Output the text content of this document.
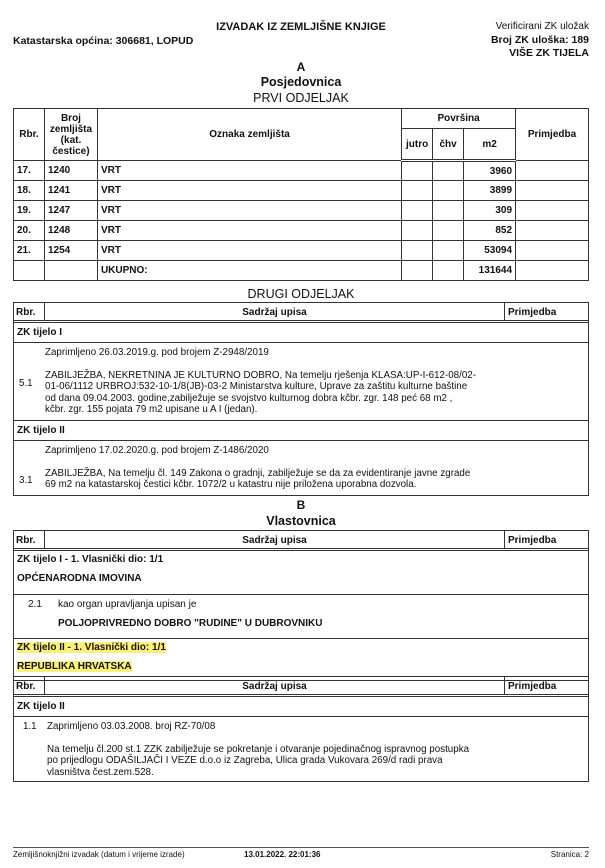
IZVADAK IZ ZEMLJIŠNE KNJIGE
Katastarska općina: 306681, LOPUD
Verificirani ZK uložak
Broj ZK uloška: 189
VIŠE ZK TIJELA
A
Posjedovnica
PRVI ODJELJAK
Rbr.	Broj zemljišta (kat. čestice)	Oznaka zemljišta	Površina			Primjedba
			jutro	čhv	m2	
17.	1240	VRT			3960	
18.	1241	VRT			3899	
19.	1247	VRT			309	
20.	1248	VRT			852	
21.	1254	VRT			53094	
		UKUPNO:			131644	
DRUGI ODJELJAK
Rbr.	Sadržaj upisa	Primjedba
ZK tijelo I
5.1

Zaprimljeno 26.03.2019.g. pod brojem Z-2948/2019

ZABILJEŽBA, NEKRETNINA JE KULTURNO DOBRO, Na temelju rješenja KLASA:UP-I-612-08/02-

01-06/1112 URBROJ:532-10-1/8(JB)-03-2 Ministarstva kulture, Uprave za zaštitu kulturne baštine

od dana 09.04.2003. godine,zabilježuje se svojstvo kulturnog dobra kčbr. zgr. 148 peć 68 m2 ,

kčbr. zgr. 155 pojata 79 m2 upisane u A I (jedan).

ZK tijelo II
3.1

Zaprimljeno 17.02.2020.g. pod brojem Z-1486/2020

ZABILJEŽBA, Na temelju čl. 149 Zakona o gradnji, zabilježuje se da za evidentiranje javne zgrade

69 m2 na katastarskoj čestici kčbr. 1072/2 u katastru nije priložena uporabna dozvola.

B
Vlastovnica
Rbr.	Sadržaj upisa	Primjedba
ZK tijelo I - 1. Vlasnički dio: 1/1
OPĆENARODNA IMOVINA
2.1 kao organ upravljanja upisan je
POLJOPRIVREDNO DOBRO "RUDINE" U DUBROVNIKU
ZK tijelo II - 1. Vlasnički dio: 1/1
REPUBLIKA HRVATSKA
Rbr.	Sadržaj upisa	Primjedba
ZK tijelo II
1.1 Zaprimljeno 03.03.2008. broj RZ-70/08

Na temelju čl.200 st.1 ZZK zabilježuje se pokretanje i otvaranje pojedinačnog ispravnog postupka

po prijedlogu ODAŠILJAČI I VEZE d.o.o iz Zagreba, Ulica grada Vukovara 269/d radi prava

vlasništva čest.zem.528.

Zemljišnoknjižni izvadak (datum i vrijeme izrade)	13.01.2022. 22:01:36	Stranica: 2
